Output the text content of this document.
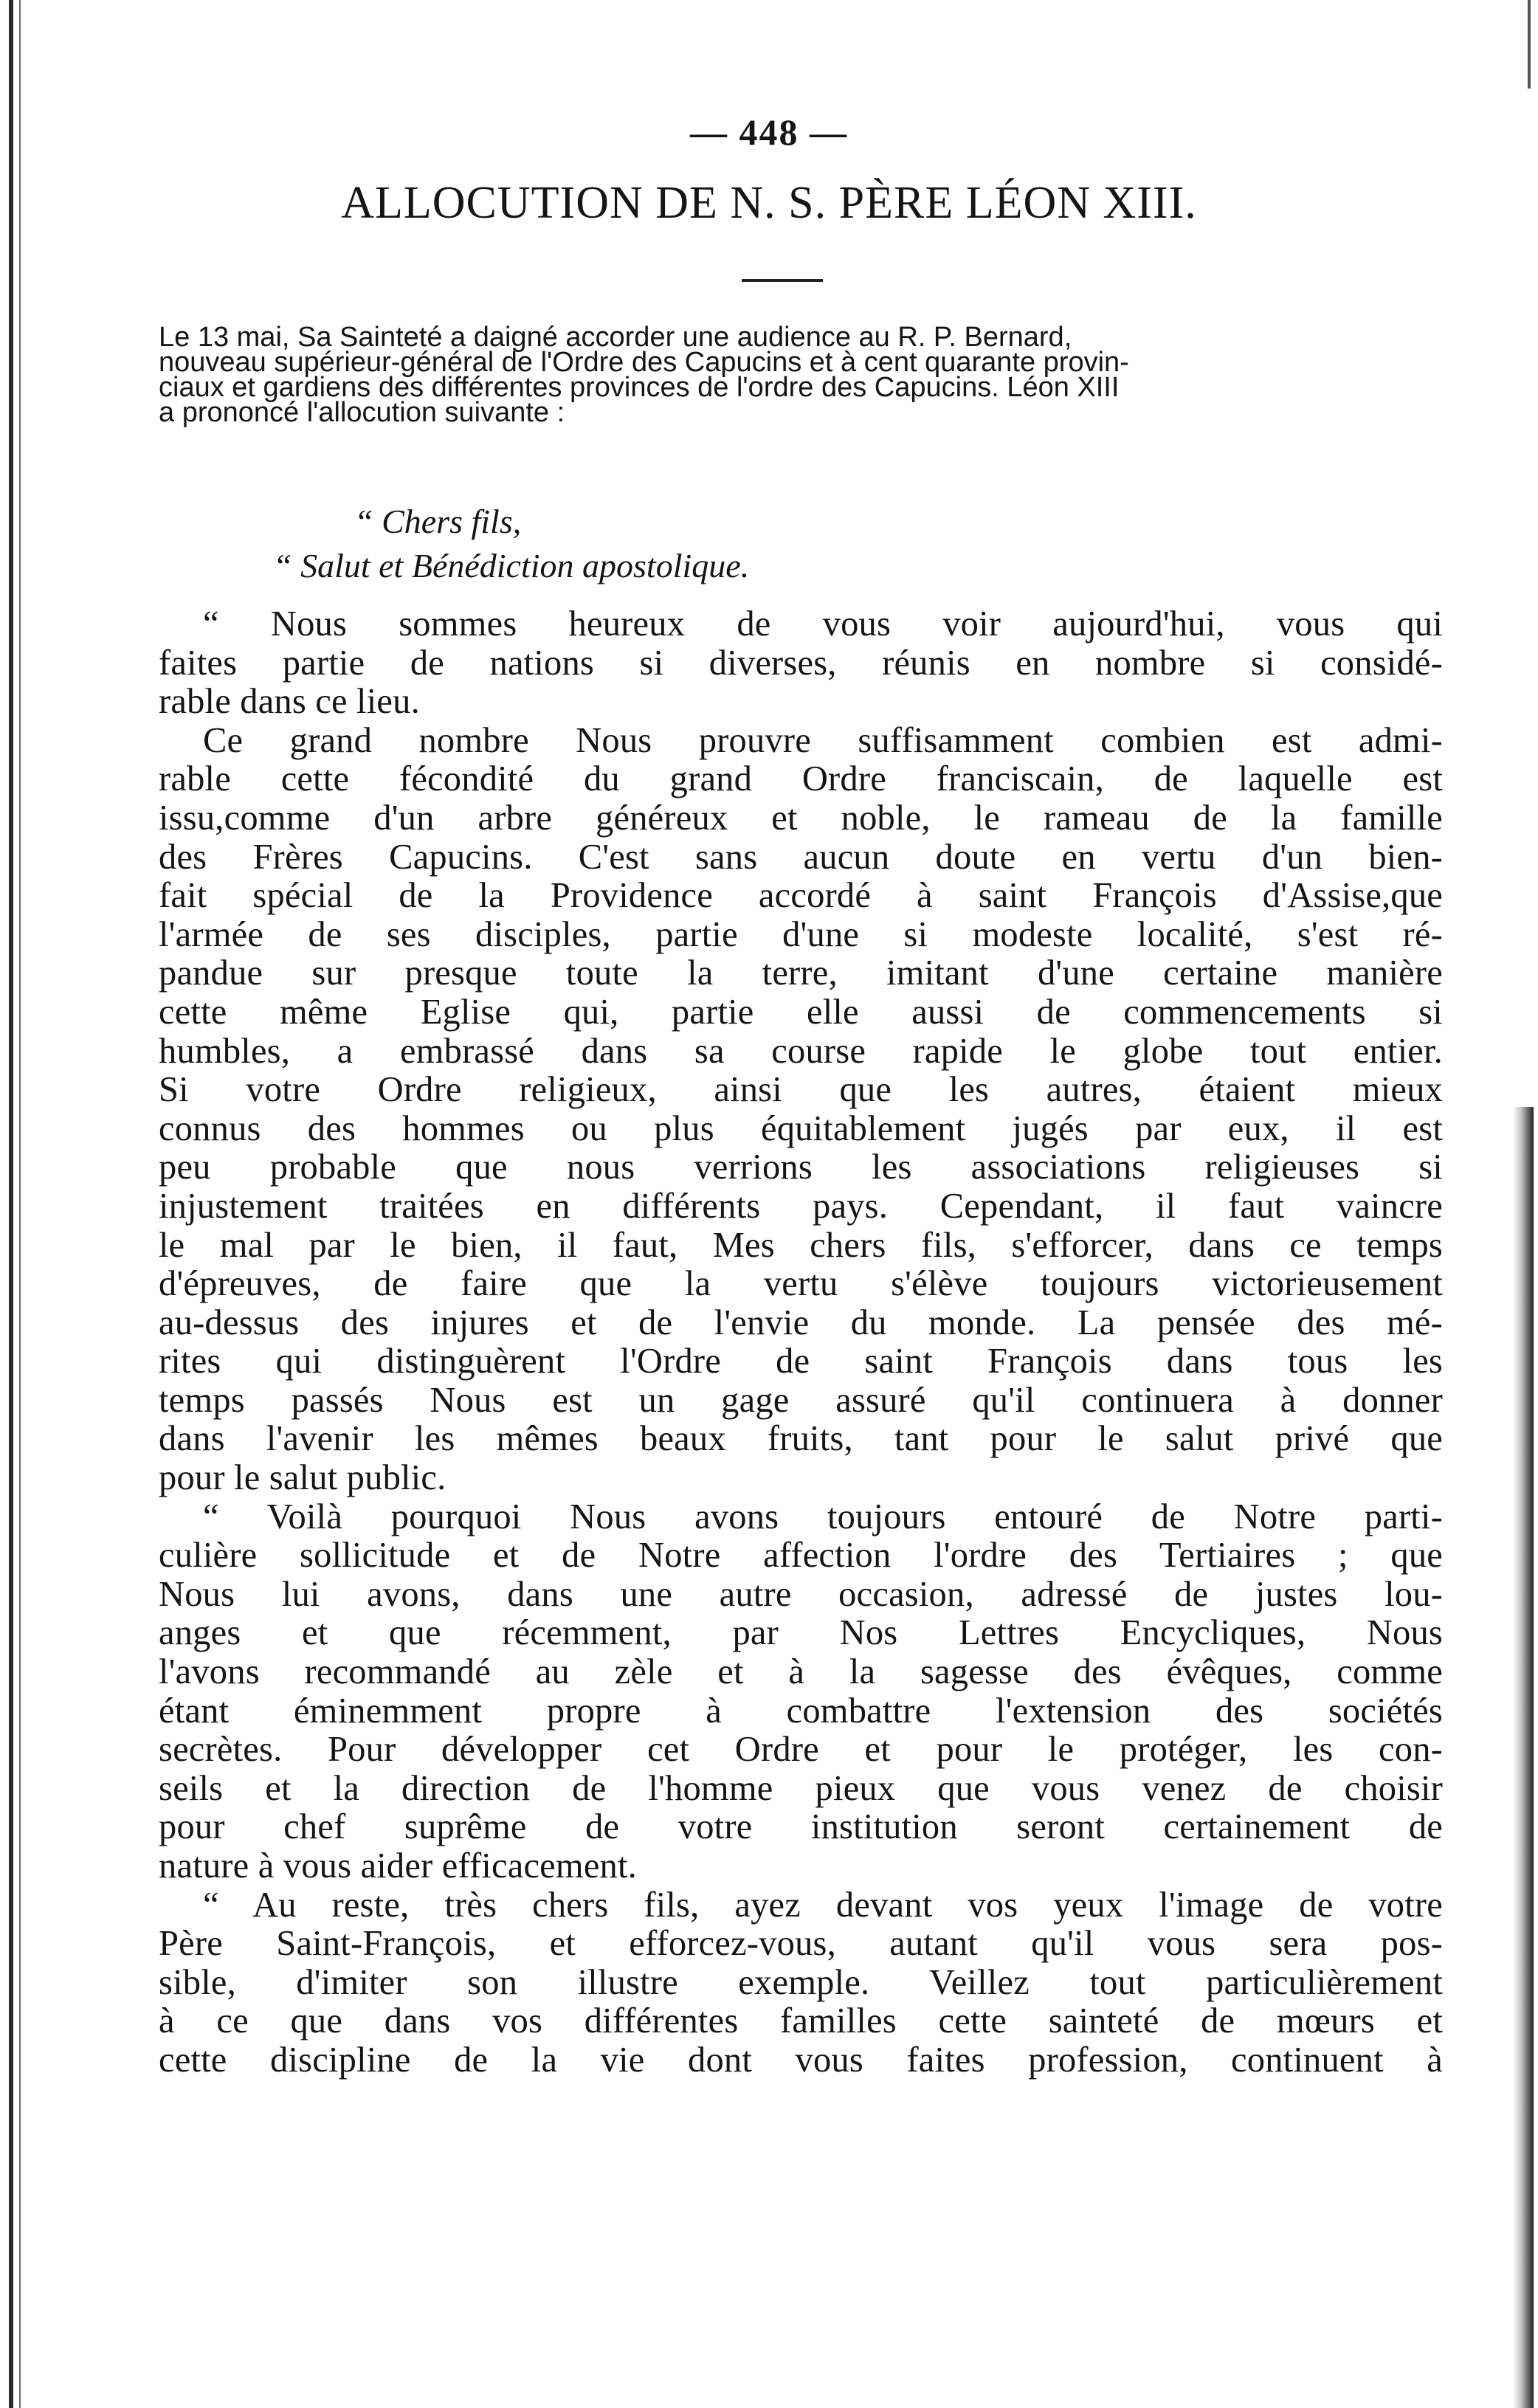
— 448 —
ALLOCUTION DE N. S. PÈRE LÉON XIII.
Le 13 mai, Sa Sainteté a daigné accorder une audience au R. P. Bernard,
nouveau supérieur-général de l'Ordre des Capucins et à cent quarante provin-
ciaux et gardiens des différentes provinces de l'ordre des Capucins. Léon XIII
a prononcé l'allocution suivante :
“ Chers fils,
“ Salut et Bénédiction apostolique.
“ Nous sommes heureux de vous voir aujourd'hui, vous qui
faites partie de nations si diverses, réunis en nombre si considé-
rable dans ce lieu.
Ce grand nombre Nous prouvre suffisamment combien est admi-
rable cette fécondité du grand Ordre franciscain, de laquelle est
issu,comme d'un arbre généreux et noble, le rameau de la famille
des Frères Capucins. C'est sans aucun doute en vertu d'un bien-
fait spécial de la Providence accordé à saint François d'Assise,que
l'armée de ses disciples, partie d'une si modeste localité, s'est ré-
pandue sur presque toute la terre, imitant d'une certaine manière
cette même Eglise qui, partie elle aussi de commencements si
humbles, a embrassé dans sa course rapide le globe tout entier.
Si votre Ordre religieux, ainsi que les autres, étaient mieux
connus des hommes ou plus équitablement jugés par eux, il est
peu probable que nous verrions les associations religieuses si
injustement traitées en différents pays. Cependant, il faut vaincre
le mal par le bien, il faut, Mes chers fils, s'efforcer, dans ce temps
d'épreuves, de faire que la vertu s'élève toujours victorieusement
au-dessus des injures et de l'envie du monde. La pensée des mé-
rites qui distinguèrent l'Ordre de saint François dans tous les
temps passés Nous est un gage assuré qu'il continuera à donner
dans l'avenir les mêmes beaux fruits, tant pour le salut privé que
pour le salut public.
“ Voilà pourquoi Nous avons toujours entouré de Notre parti-
culière sollicitude et de Notre affection l'ordre des Tertiaires ; que
Nous lui avons, dans une autre occasion, adressé de justes lou-
anges et que récemment, par Nos Lettres Encycliques, Nous
l'avons recommandé au zèle et à la sagesse des évêques, comme
étant éminemment propre à combattre l'extension des sociétés
secrètes. Pour développer cet Ordre et pour le protéger, les con-
seils et la direction de l'homme pieux que vous venez de choisir
pour chef suprême de votre institution seront certainement de
nature à vous aider efficacement.
“ Au reste, très chers fils, ayez devant vos yeux l'image de votre
Père Saint-François, et efforcez-vous, autant qu'il vous sera pos-
sible, d'imiter son illustre exemple. Veillez tout particulièrement
à ce que dans vos différentes familles cette sainteté de mœurs et
cette discipline de la vie dont vous faites profession, continuent à
